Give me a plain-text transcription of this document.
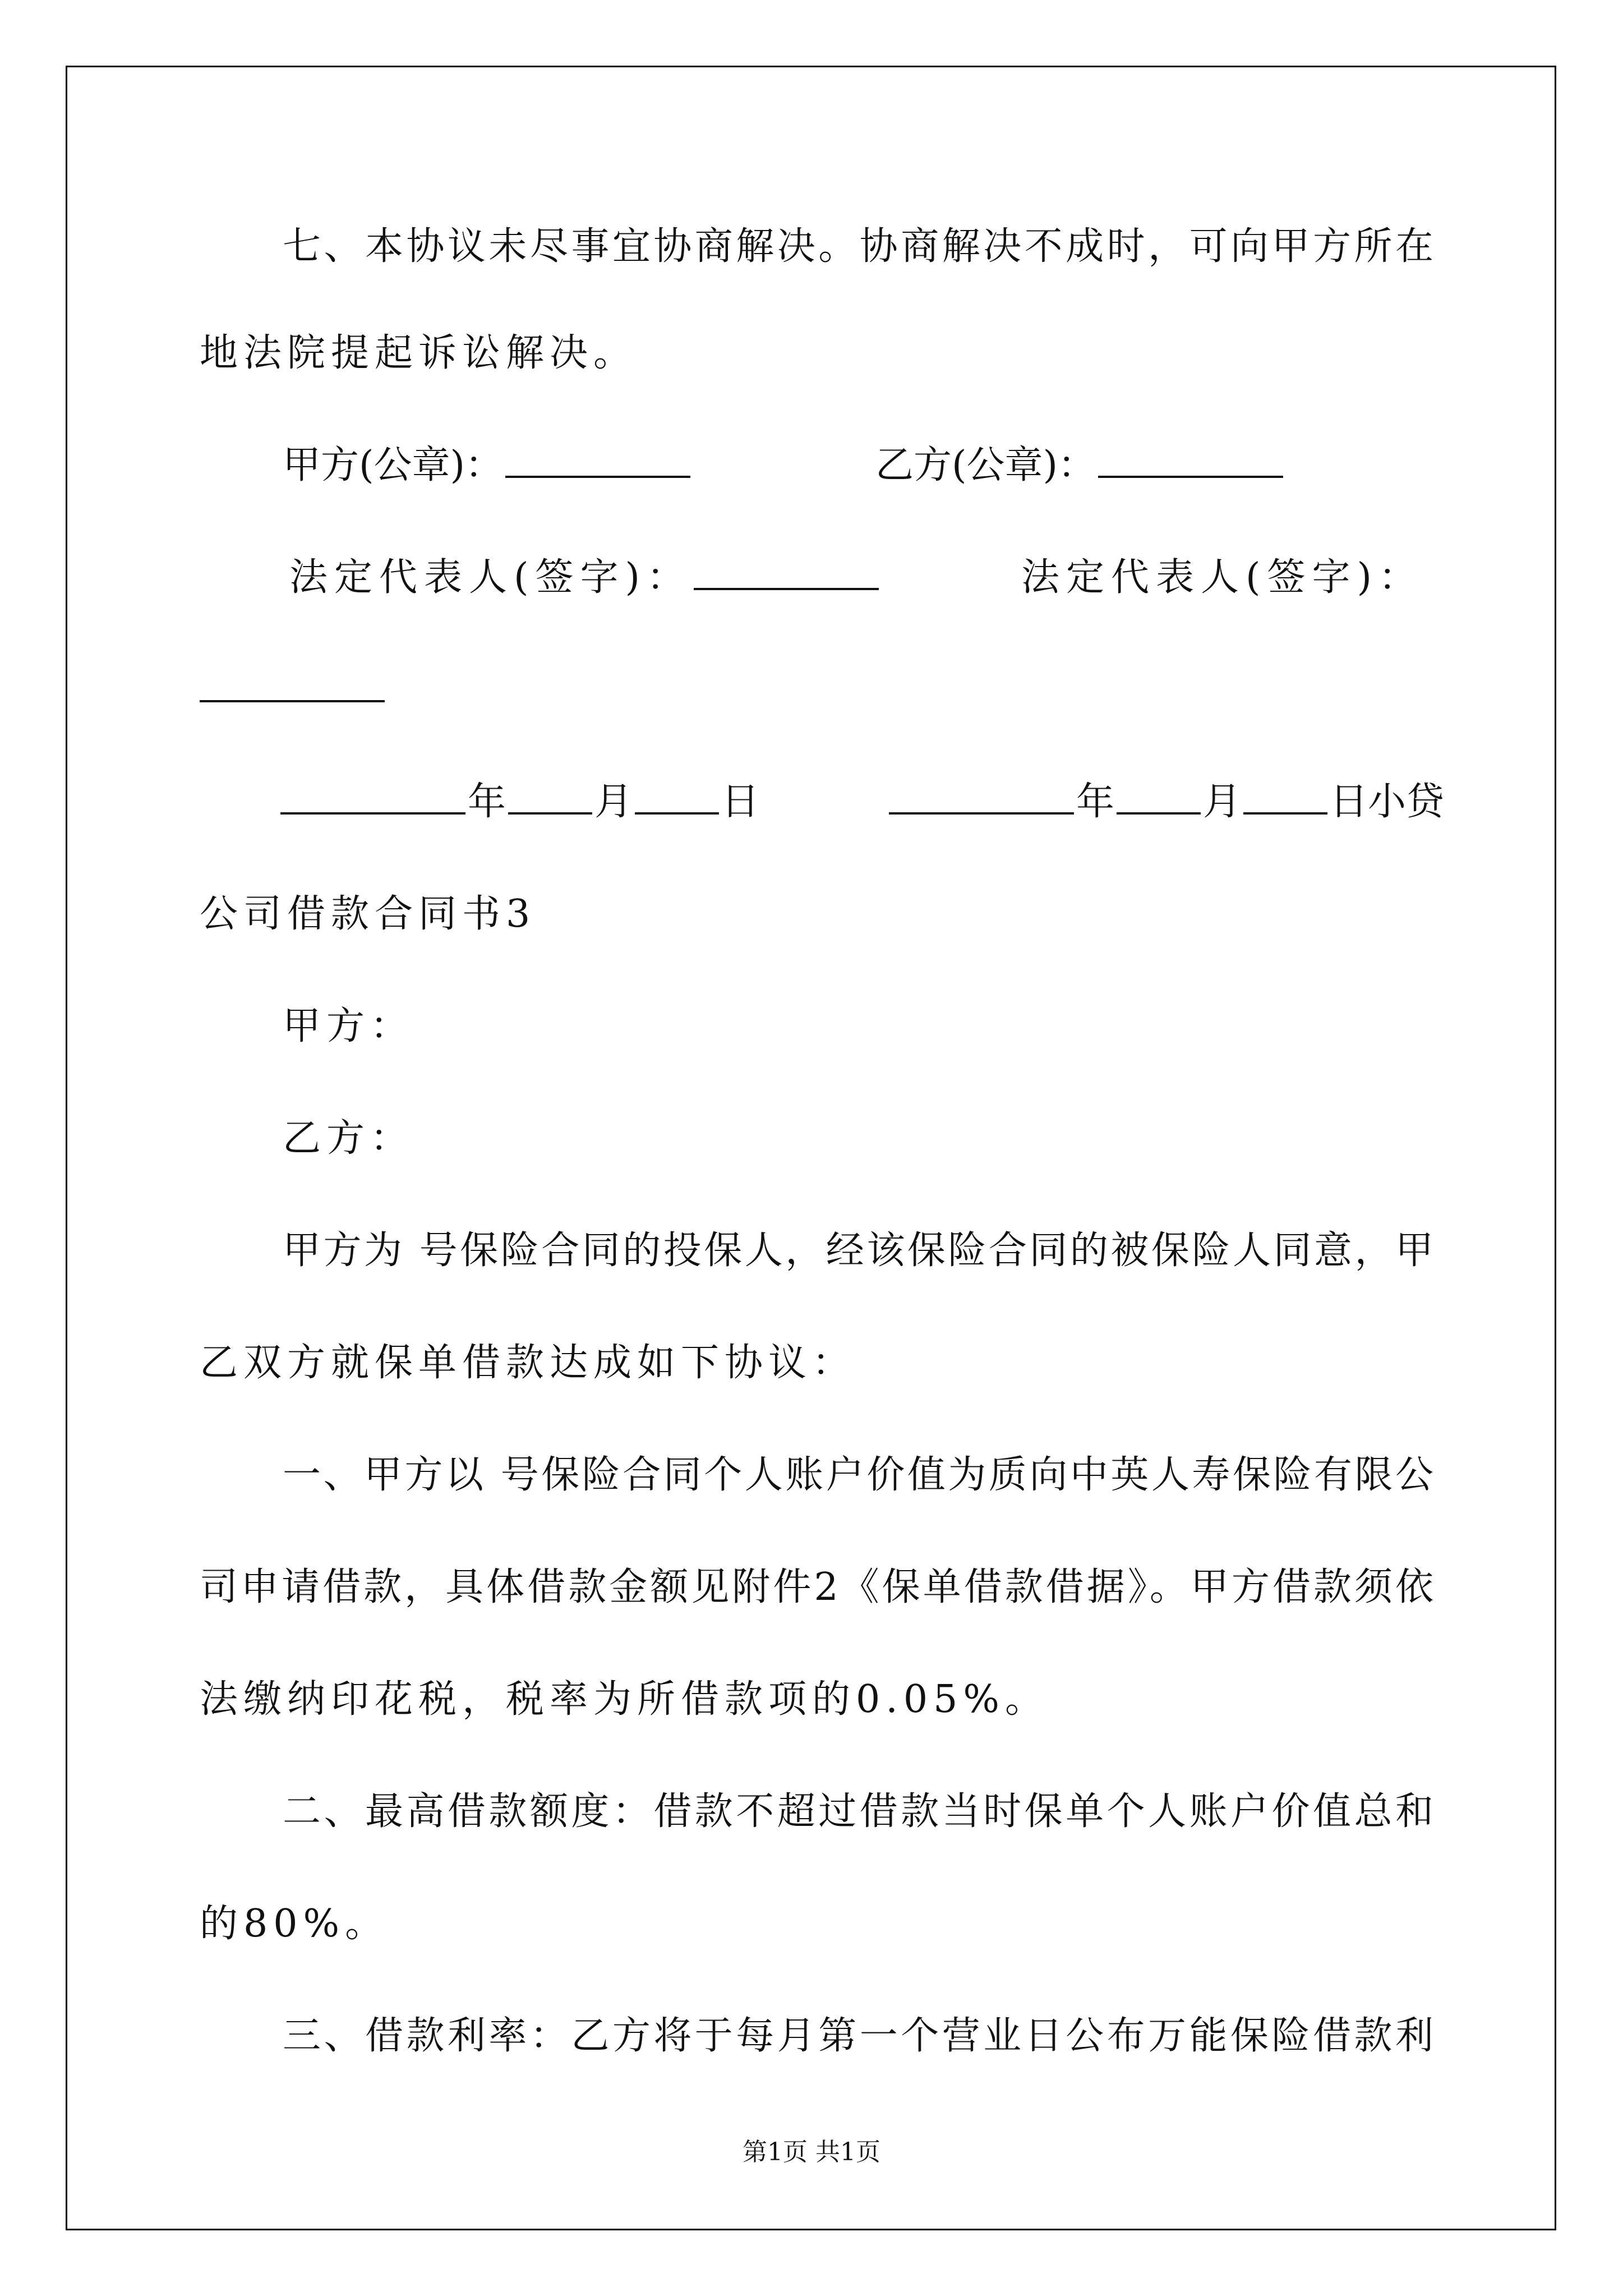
七、本协议未尽事宜协商解决。协商解决不成时，可向甲方所在
地法院提起诉讼解决。
甲方(公章)：	乙方(公章)：
法定代表人(签字)：	法定代表人(签字)：
年 月 日	年 月 日小贷
公司借款合同书3
甲方：
乙方：
甲方为 号保险合同的投保人，经该保险合同的被保险人同意，甲
乙双方就保单借款达成如下协议：
一、甲方以 号保险合同个人账户价值为质向中英人寿保险有限公
司申请借款，具体借款金额见附件2《保单借款借据》。甲方借款须依
法缴纳印花税，税率为所借款项的0.05%。
二、最高借款额度：借款不超过借款当时保单个人账户价值总和
的80%。
三、借款利率：乙方将于每月第一个营业日公布万能保险借款利
第1页 共1页
